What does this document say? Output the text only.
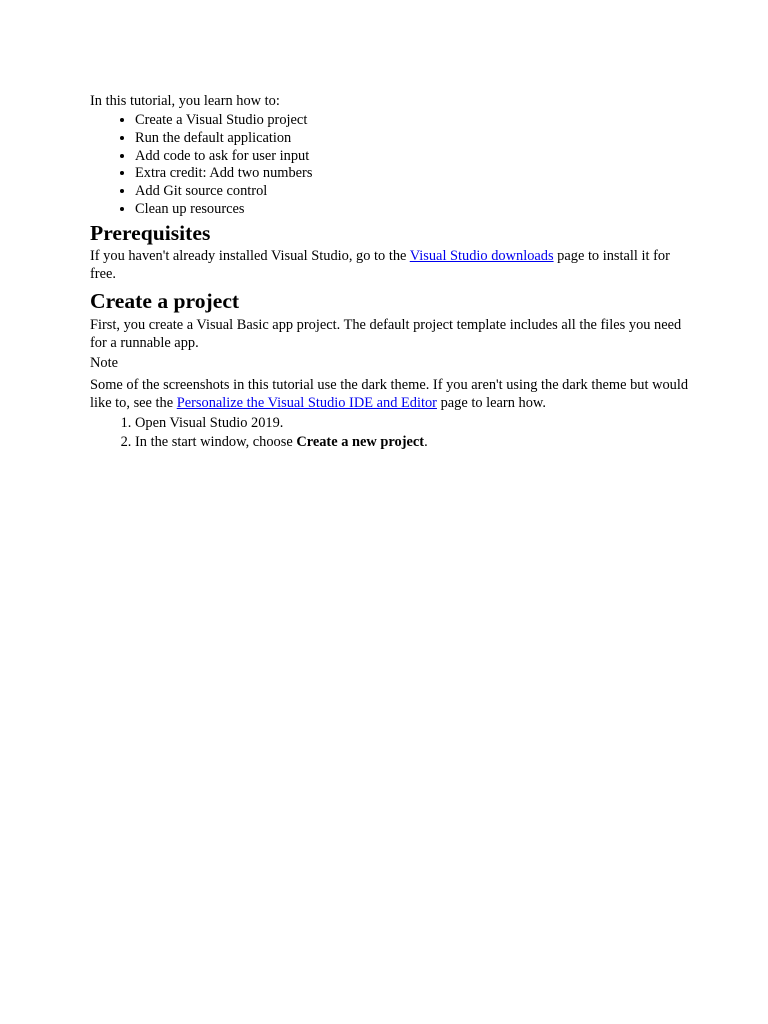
In this tutorial, you learn how to:

• Create a Visual Studio project
• Run the default application
• Add code to ask for user input
• Extra credit: Add two numbers
• Add Git source control
• Clean up resources
Prerequisites

If you haven't already installed Visual Studio, go to the Visual Studio downloads page to install it for free.

Create a project

First, you create a Visual Basic app project. The default project template includes all the files you need for a runnable app.

Note

Some of the screenshots in this tutorial use the dark theme. If you aren't using the dark theme but would like to, see the Personalize the Visual Studio IDE and Editor page to learn how.

1. Open Visual Studio 2019.
2. In the start window, choose Create a new project.
